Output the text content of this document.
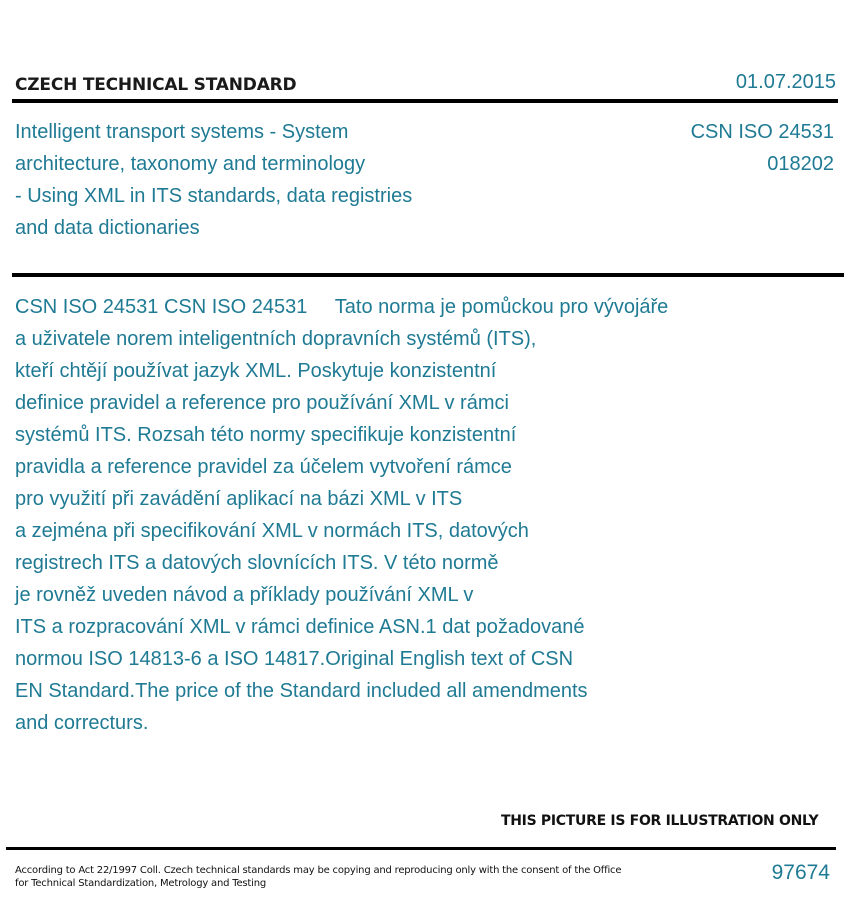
CZECH TECHNICAL STANDARD	01.07.2015
Intelligent transport systems - System
architecture, taxonomy and terminology
- Using XML in ITS standards, data registries
and data dictionaries
CSN ISO 24531
018202
CSN ISO 24531 CSN ISO 24531     Tato norma je pomůckou pro vývojáře
a uživatele norem inteligentních dopravních systémů (ITS),
kteří chtějí používat jazyk XML. Poskytuje konzistentní
definice pravidel a reference pro používání XML v rámci
systémů ITS. Rozsah této normy specifikuje konzistentní
pravidla a reference pravidel za účelem vytvoření rámce
pro využití při zavádění aplikací na bázi XML v ITS
a zejména při specifikování XML v normách ITS, datových
registrech ITS a datových slovnících ITS. V této normě
je rovněž uveden návod a příklady používání XML v
ITS a rozpracování XML v rámci definice ASN.1 dat požadované
normou ISO 14813-6 a ISO 14817.Original English text of CSN
EN Standard.The price of the Standard included all amendments
and correcturs.
THIS PICTURE IS FOR ILLUSTRATION ONLY
According to Act 22/1997 Coll. Czech technical standards may be copying and reproducing only with the consent of the Office
for Technical Standardization, Metrology and Testing	97674
